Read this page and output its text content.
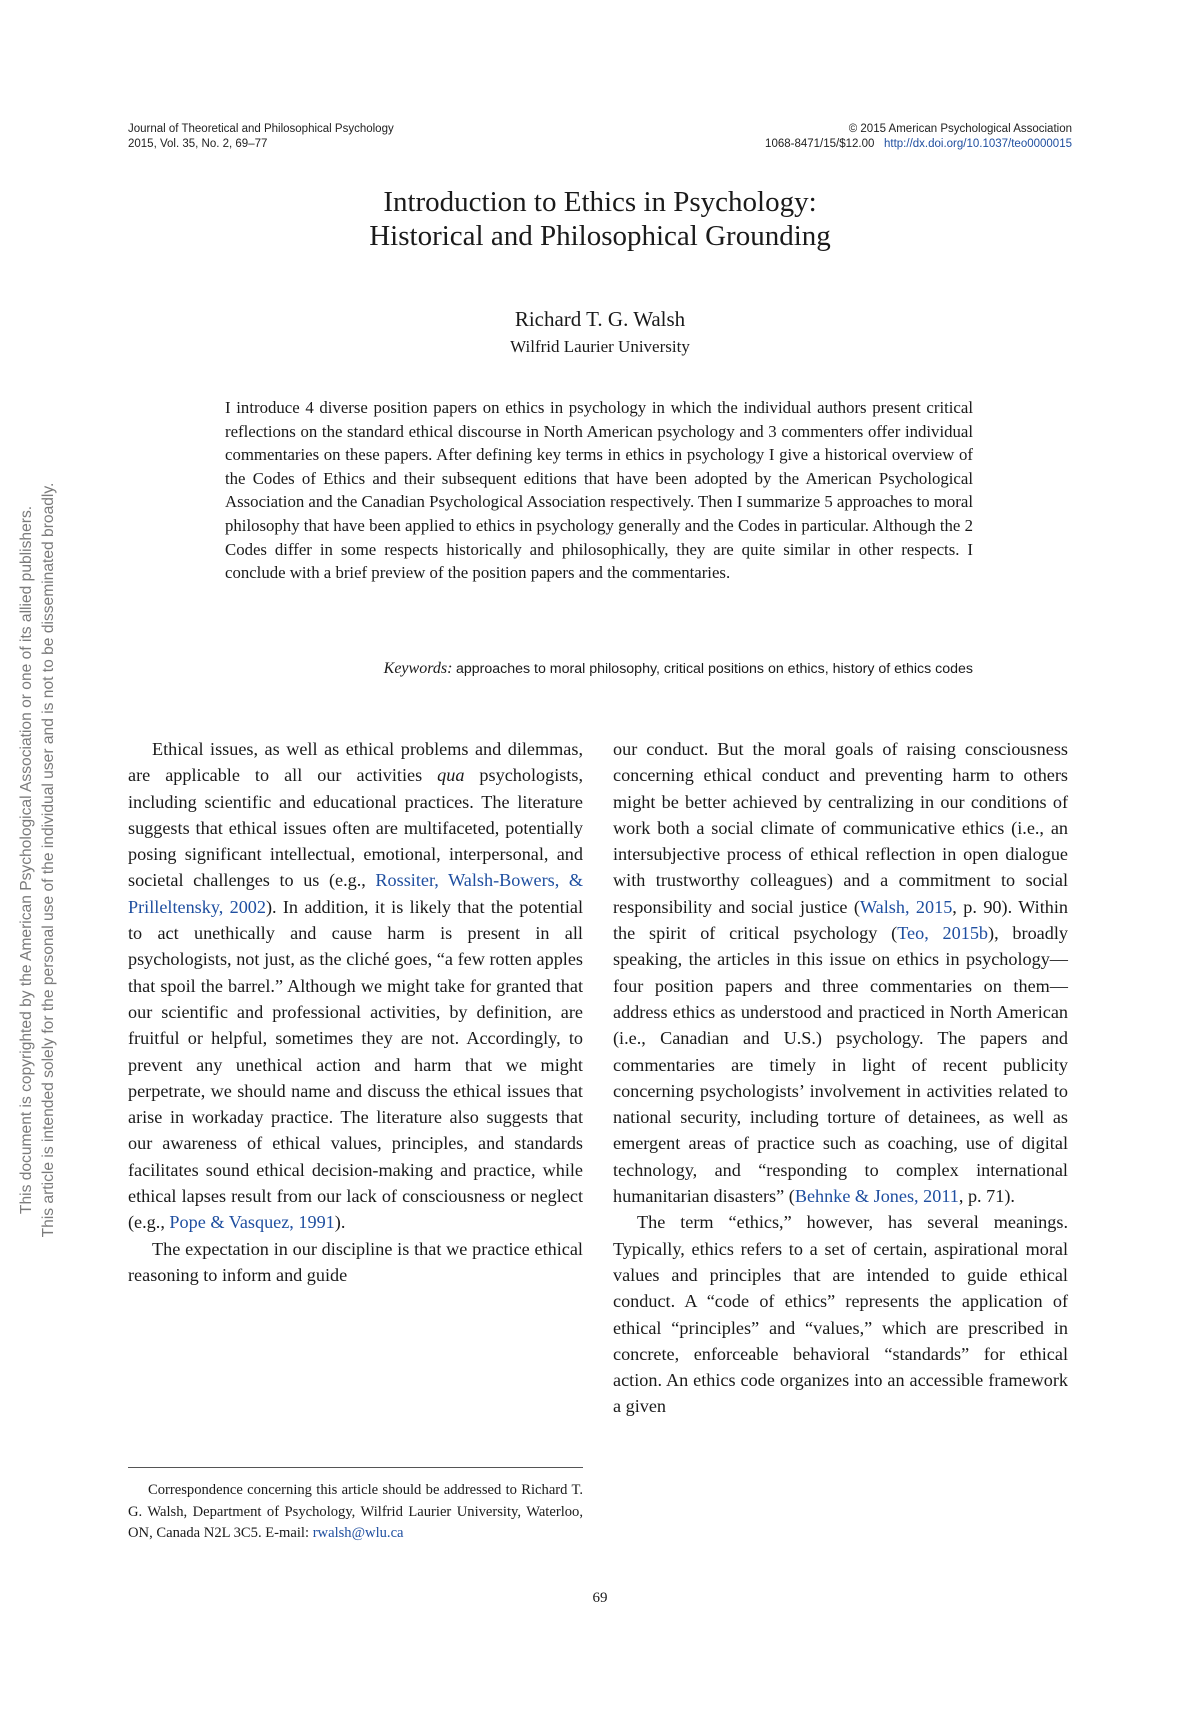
Journal of Theoretical and Philosophical Psychology
2015, Vol. 35, No. 2, 69–77
© 2015 American Psychological Association
1068-8471/15/$12.00 http://dx.doi.org/10.1037/teo0000015
Introduction to Ethics in Psychology:
Historical and Philosophical Grounding
Richard T. G. Walsh
Wilfrid Laurier University
I introduce 4 diverse position papers on ethics in psychology in which the individual authors present critical reflections on the standard ethical discourse in North American psychology and 3 commenters offer individual commentaries on these papers. After defining key terms in ethics in psychology I give a historical overview of the Codes of Ethics and their subsequent editions that have been adopted by the American Psychological Association and the Canadian Psychological Association respectively. Then I summarize 5 approaches to moral philosophy that have been applied to ethics in psychology generally and the Codes in particular. Although the 2 Codes differ in some respects historically and philosophically, they are quite similar in other respects. I conclude with a brief preview of the position papers and the commentaries.
Keywords: approaches to moral philosophy, critical positions on ethics, history of ethics codes

Ethical issues, as well as ethical problems and dilemmas, are applicable to all our activities qua psychologists, including scientific and educational practices. The literature suggests that ethical issues often are multifaceted, potentially posing significant intellectual, emotional, interpersonal, and societal challenges to us (e.g., Rossiter, Walsh-Bowers, & Prilleltensky, 2002). In addition, it is likely that the potential to act unethically and cause harm is present in all psychologists, not just, as the cliché goes, “a few rotten apples that spoil the barrel.” Although we might take for granted that our scientific and professional activities, by definition, are fruitful or helpful, sometimes they are not. Accordingly, to prevent any unethical action and harm that we might perpetrate, we should name and discuss the ethical issues that arise in workaday practice. The literature also suggests that our awareness of ethical values, principles, and standards facilitates sound ethical decision-making and practice, while ethical lapses result from our lack of consciousness or neglect (e.g., Pope & Vasquez, 1991).

The expectation in our discipline is that we practice ethical reasoning to inform and guide

our conduct. But the moral goals of raising consciousness concerning ethical conduct and preventing harm to others might be better achieved by centralizing in our conditions of work both a social climate of communicative ethics (i.e., an intersubjective process of ethical reflection in open dialogue with trustworthy colleagues) and a commitment to social responsibility and social justice (Walsh, 2015, p. 90). Within the spirit of critical psychology (Teo, 2015b), broadly speaking, the articles in this issue on ethics in psychology—four position papers and three commentaries on them—address ethics as understood and practiced in North American (i.e., Canadian and U.S.) psychology. The papers and commentaries are timely in light of recent publicity concerning psychologists’ involvement in activities related to national security, including torture of detainees, as well as emergent areas of practice such as coaching, use of digital technology, and “responding to complex international humanitarian disasters” (Behnke & Jones, 2011, p. 71).

The term “ethics,” however, has several meanings. Typically, ethics refers to a set of certain, aspirational moral values and principles that are intended to guide ethical conduct. A “code of ethics” represents the application of ethical “principles” and “values,” which are prescribed in concrete, enforceable behavioral “standards” for ethical action. An ethics code organizes into an accessible framework a given

Correspondence concerning this article should be addressed to Richard T. G. Walsh, Department of Psychology, Wilfrid Laurier University, Waterloo, ON, Canada N2L 3C5. E-mail: rwalsh@wlu.ca
69
This document is copyrighted by the American Psychological Association or one of its allied publishers. This article is intended solely for the personal use of the individual user and is not to be disseminated broadly.
